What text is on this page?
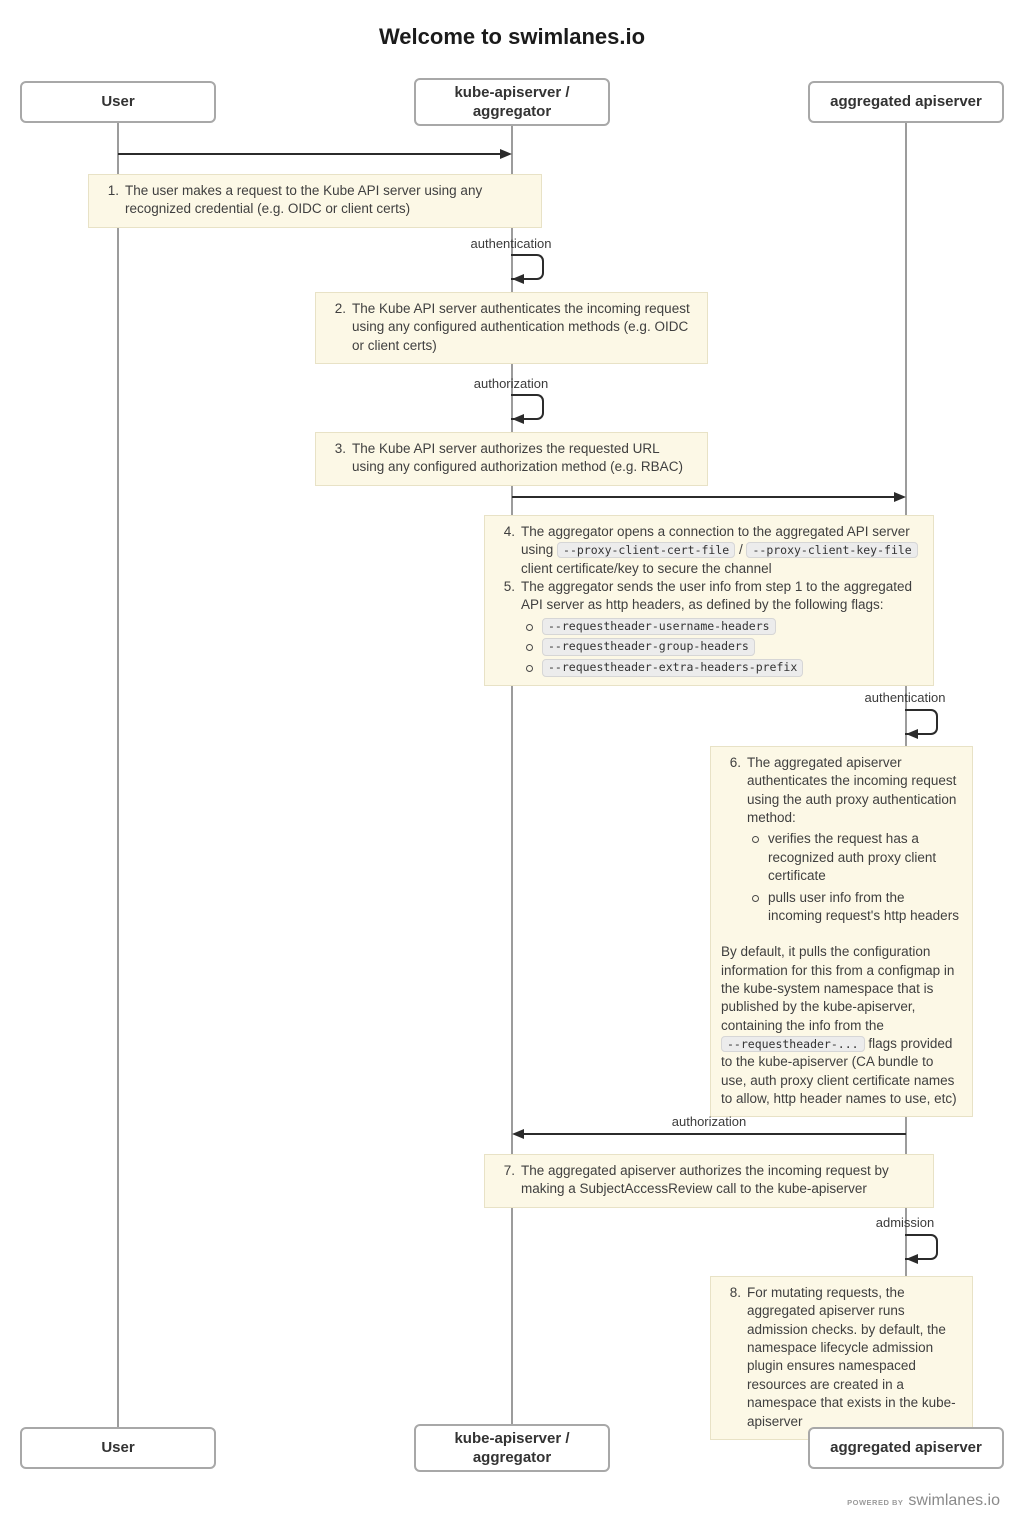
Welcome to swimlanes.io
User
kube-apiserver /
aggregator
aggregated apiserver
1. The user makes a request to the Kube API server using any recognized credential (e.g. OIDC or client certs)
authentication
2. The Kube API server authenticates the incoming request using any configured authentication methods (e.g. OIDC or client certs)
authorization
3. The Kube API server authorizes the requested URL using any configured authorization method (e.g. RBAC)
4. The aggregator opens a connection to the aggregated API server using --proxy-client-cert-file / --proxy-client-key-file client certificate/key to secure the channel
5. The aggregator sends the user info from step 1 to the aggregated API server as http headers, as defined by the following flags:
--requestheader-username-headers
--requestheader-group-headers
--requestheader-extra-headers-prefix
authentication
6. The aggregated apiserver authenticates the incoming request using the auth proxy authentication method:
verifies the request has a recognized auth proxy client certificate
pulls user info from the incoming request's http headers
By default, it pulls the configuration information for this from a configmap in the kube-system namespace that is published by the kube-apiserver, containing the info from the --requestheader-... flags provided to the kube-apiserver (CA bundle to use, auth proxy client certificate names to allow, http header names to use, etc)
authorization
7. The aggregated apiserver authorizes the incoming request by making a SubjectAccessReview call to the kube-apiserver
admission
8. For mutating requests, the aggregated apiserver runs admission checks. by default, the namespace lifecycle admission plugin ensures namespaced resources are created in a namespace that exists in the kube-apiserver
User
kube-apiserver /
aggregator
aggregated apiserver
POWERED BY swimlanes.io
